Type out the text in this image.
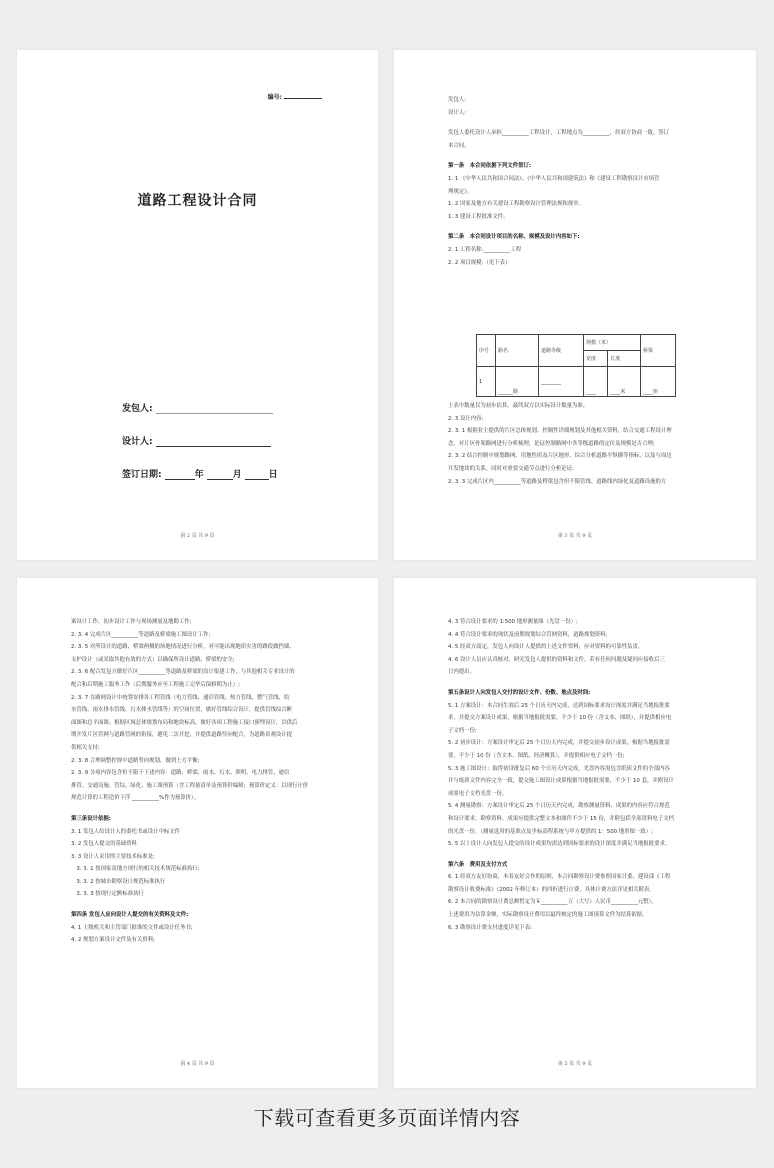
编号:
道路工程设计合同
发包人:
设计人:
签订日期:	年	月	日
第 2 页 共 9 页
发包人:
设计人:
发包人委托设计人承担__________工程设计，工程地点为__________，经双方协商一致，签订
本合同。
第一条　本合同依据下列文件签订:
1. 1 《中华人民共和国合同法》、《中华人民共和国建筑法》和《建设工程勘察设计市场管
理规定》。
1. 2 国家及地方有关建设工程勘察设计管理法规和规章。
1. 3 建设工程批准文件。
第二条　本合同设计项目的名称、规模及设计内容如下:
2. 1 工程名称:__________工程
2. 2 项目规模:（见下表）
序号	路名	道路等级	规模（米）		桥梁
			宽度	长度	
1	______路	________	____	____米	____座
上表中数量仅为初步估算，最终双方以实际设计数量为准。
2. 3 设计内容:
2. 3. 1 根据业主提供的片区总体规划、控制性详细规划及其他相关资料，结合交通工程设计理
念，对片区骨架路网进行分析梳理，论证控制路网中各等级道路的定位及规模是否合理;
2. 3. 2 结合控制中规划路网、用地性质及片区地形，综合分析道路平纵横等指标，以及与周边
开发地块的关系，同时对重要交通节点进行分析论证;
2. 3. 3 完成片区内__________等道路及桥梁包含但不限管线、道路线内绿化及道路设施的方
第 3 页 共 9 页
案设计工作、初步设计工作与现场测量及地勘工作;
2. 3. 4 完成片区__________等道路及桥梁施工图设计工作;
2. 3. 5 对所设计的道路、桥梁两侧的场地情况进行分析，对可能出现地质灾害的路段做挡墙、
支护设计（或采取其他有效的方式）以确保所设计道路、桥梁的安全;
2. 3. 6 配合发包方做好片区__________等道路及桥梁的设计报建工作，与其他相关专业设计的
配合和后期施工服务工作（后期服务应至工程施工完毕后保修期为止）;
2. 3. 7 在路网设计中统筹安排各工程管线（电力管线、通信管线、热力管线、燃气管线、给
水管线、雨水排水管线、污水排水管线等）的空间位置，做好管线综合设计，提供管线综合断
面图和总平面图；根据区域总体规划布局和地块标高，做好各项工程施工接口预埋设计，以供后
期开发片区管网与道路管网的衔接，避免二次开挖，并提供道路竖向配合，为道路景观设计提
供相关支持;
2. 3. 8 合理调整控规中道路竖向规划，做到土方平衡;
2. 3. 9 分项内容包含但不限于下述内容：道路、桥梁、雨水、污水、照明、电力排管、通信
排管、交通设施、管综、绿化、施工图预算（含工程量清单及预算价编制；预算价定义：以现行计价
规范计算的工程造价下浮 __________%作为预算价）。
第三条设计依据:
3. 1 发包人给设计人的委托书或设计中标文件
3. 2 发包人提交的基础资料
3. 3 设计人采用的主要技术标准是:
　3. 3. 1 按国家及地方现行的相关技术规范标准执行;
　3. 3. 2 按城市勘察设计规范标准执行
　3. 3. 3 按现行定额标准执行
第四条 发包人应向设计人提交的有关资料及文件:
4. 1 上级机关和主管部门批准的文件或设计任务书;
4. 2 规划方案设计文件及有关资料;
第 4 页 共 9 页
4. 3 符合设计要求的 1:500 地形测量图（光盘一份）;
4. 4 符合设计要求的现状及前期规划综合管网资料，道路规划资料;
4. 5 经双方商定，发包人向设计人提供的上述文件资料，应对资料的可靠性负责。
4. 6 设计人员应认真核对，研究发包人提供的资料和文件，若有任何问题及疑问应接收后三
日内提出。
第五条设计人向发包人交付的设计文件、份数、地点及时间:
5. 1 方案设计：本合同生效后 25 个日历天内完成，达到国标要求设计深度并满足当地报批要
求，并提交方案设计成果，根据当地报批需要，不少于 10 份（含文本、图纸），并提供相应电
子文档一份;
5. 2 初步设计：方案设计审定后 25 个日历天内完成，并提交初步设计成果，根据当地报批需
要，不少于 10 份（含文本、图纸、经济概算），并提供相应电子文档一份;
5. 3 施工图设计：取得初设批复后 60 个日历天内完成，光盘内容需包含纸质文件的全部内容
并与纸质文件内容完全一致，提交施工图设计成果根据当地报批需要，不少于 10 套，并附设计
成果电子文档光盘一份。
5. 4 测量勘察：方案设计审定后 25 个日历天内完成，勘察测量资料、成果的内容应符合规范
和设计要求，勘察资料、成果应提供完整文本和图件不少于 15 份，并附包括全部资料电子文档
的光盘一份。（测量选用的基准点及坐标高程系统与甲方提供的 1：500 地形图一致）;
5. 5 以上设计人向发包人提交的设计成果均需达到国标要求的设计深度并满足当地报批要求。
第六条　费用及支付方式
6. 1 经双方友好协商，本着友好合作的原则，本合同勘察设计费参照国家计委、建设部《工程
勘察设计收费标准》（2002 年修订本）的四折进行计费，具体计费方法详见相关附表。
6. 2 本合同的勘察设计费总额暂定为￥__________万（大写）人民币__________元整），
上述费用为估算金额，实际勘察设计费用以最终核定的施工图预算文件为结算依据。
6. 3 勘察设计费支付进度详见下表:
第 5 页 共 9 页
下载可查看更多页面详情内容
